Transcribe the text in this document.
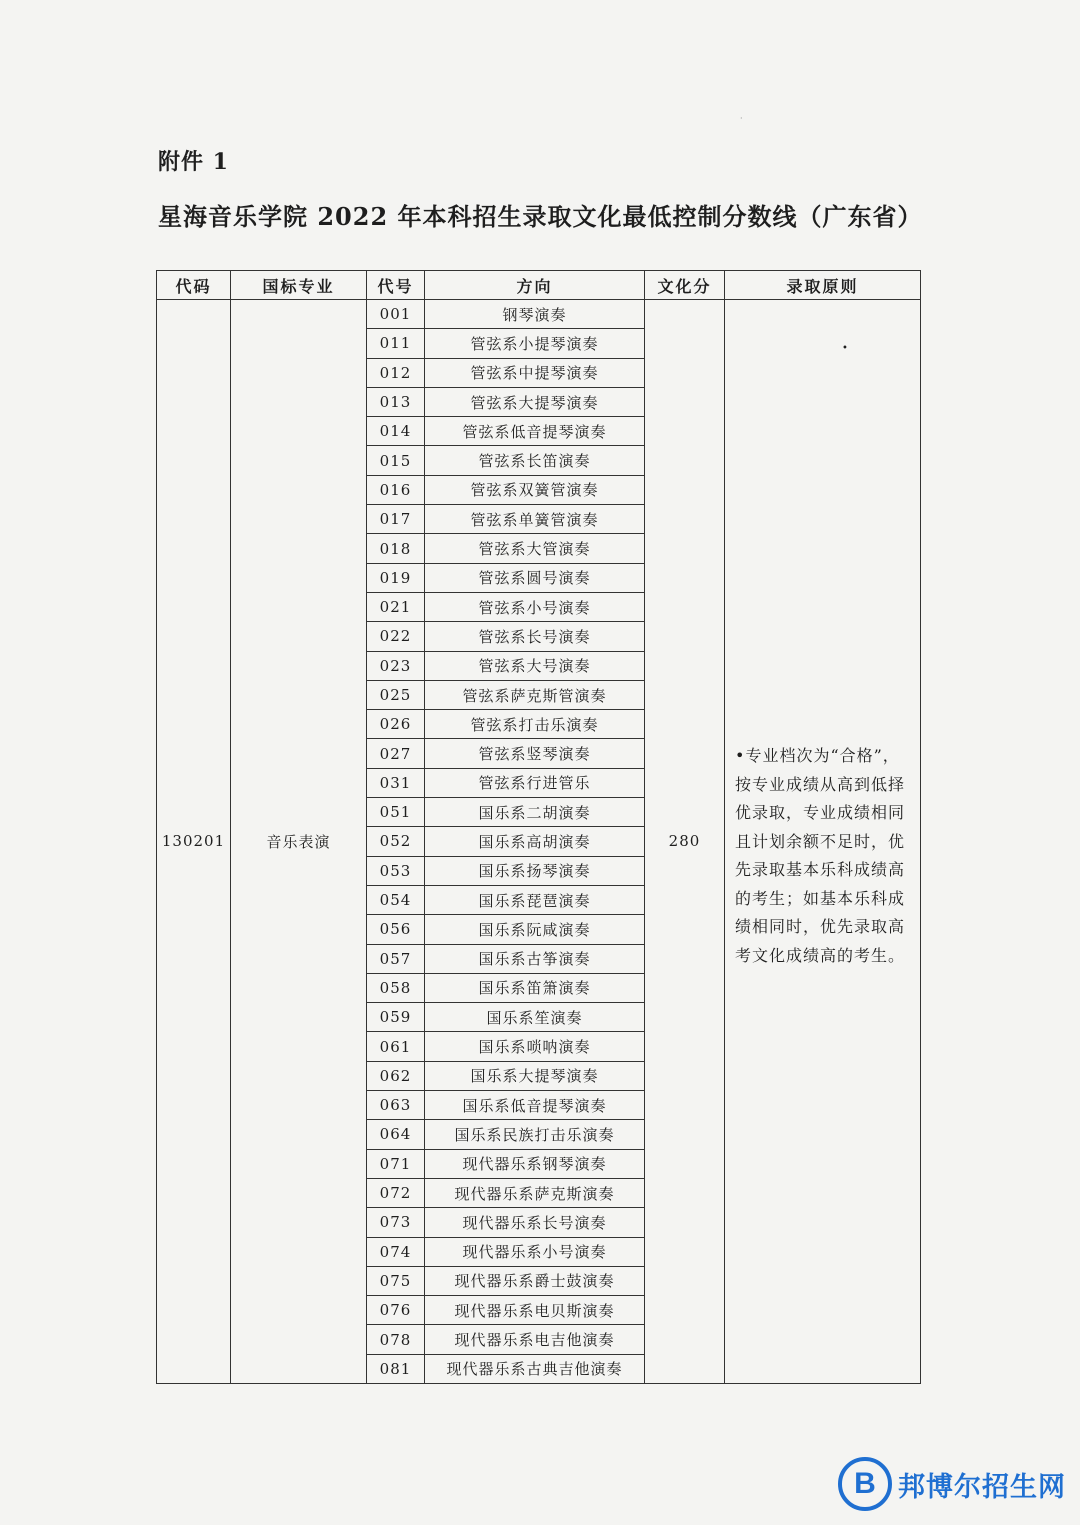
附件 1
星海音乐学院 2022 年本科招生录取文化最低控制分数线（广东省）
·
代码	国标专业	代号	方向	文化分	录取原则
130201	音乐表演	001	钢琴演奏	280	•专业档次为“合格”，按专业成绩从高到低择优录取，专业成绩相同且计划余额不足时，优先录取基本乐科成绩高的考生；如基本乐科成绩相同时，优先录取高考文化成绩高的考生。

		011	管弦系小提琴演奏		
		012	管弦系中提琴演奏		
		013	管弦系大提琴演奏		
		014	管弦系低音提琴演奏		
		015	管弦系长笛演奏		
		016	管弦系双簧管演奏		
		017	管弦系单簧管演奏		
		018	管弦系大管演奏		
		019	管弦系圆号演奏		
		021	管弦系小号演奏		
		022	管弦系长号演奏		
		023	管弦系大号演奏		
		025	管弦系萨克斯管演奏		
		026	管弦系打击乐演奏		
		027	管弦系竖琴演奏		
		031	管弦系行进管乐		
		051	国乐系二胡演奏		
		052	国乐系高胡演奏		
		053	国乐系扬琴演奏		
		054	国乐系琵琶演奏		
		056	国乐系阮咸演奏		
		057	国乐系古筝演奏		
		058	国乐系笛箫演奏		
		059	国乐系笙演奏		
		061	国乐系唢呐演奏		
		062	国乐系大提琴演奏		
		063	国乐系低音提琴演奏		
		064	国乐系民族打击乐演奏		
		071	现代器乐系钢琴演奏		
		072	现代器乐系萨克斯演奏		
		073	现代器乐系长号演奏		
		074	现代器乐系小号演奏		
		075	现代器乐系爵士鼓演奏		
		076	现代器乐系电贝斯演奏		
		078	现代器乐系电吉他演奏		
		081	现代器乐系古典吉他演奏		
•
B 邦博尔招生网
